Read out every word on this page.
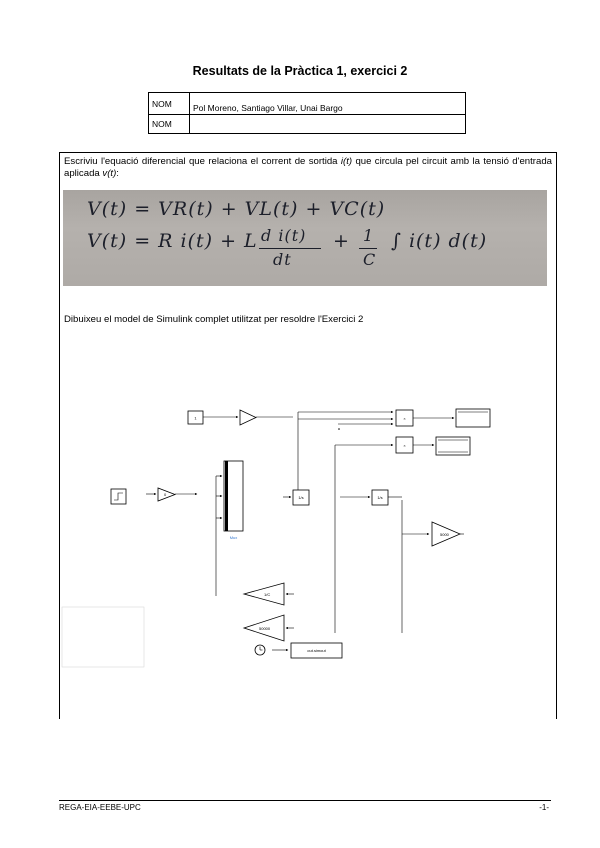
Resultats de la Pràctica 1, exercici 2
NOM	Pol Moreno, Santiago Villar, Unai Bargo
NOM	
Escriviu l'equació diferencial que relaciona el corrent de sortida i(t) que circula pel circuit amb la tensió d'entrada aplicada v(t):
V(t) = VR(t) + VL(t) + VC(t)
V(t) = R i(t) + L d i(t)
dt
+ 1
C
∫ i(t) d(t)
Dibuixeu el model de Simulink complet utilitzat per resoldre l'Exercici 2
1	×
×
0
Mux
1/s	1/s
5000
1/C
50000
out.simout
REGA-EIA-EEBE-UPC	-1-
